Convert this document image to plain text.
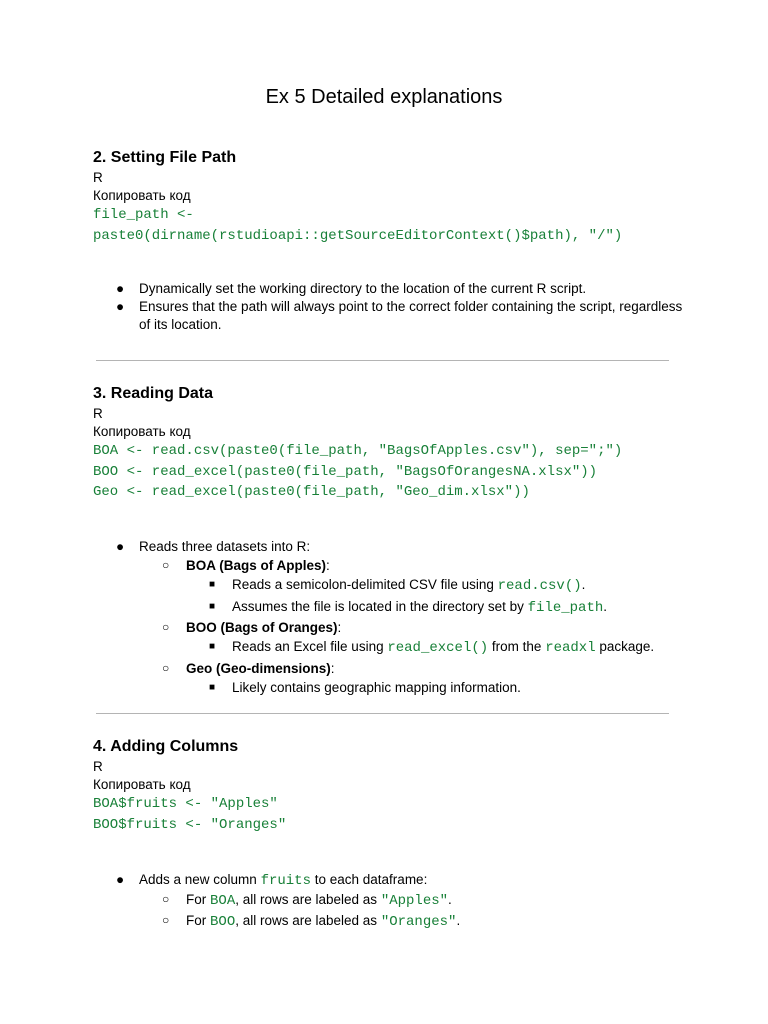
Ex 5 Detailed explanations
2. Setting File Path
R
Копировать код
file_path <-
paste0(dirname(rstudioapi::getSourceEditorContext()$path), "/")
● Dynamically set the working directory to the location of the current R script.
● Ensures that the path will always point to the correct folder containing the script, regardless of its location.
3. Reading Data
R
Копировать код
BOA <- read.csv(paste0(file_path, "BagsOfApples.csv"), sep=";")
BOO <- read_excel(paste0(file_path, "BagsOfOrangesNA.xlsx"))
Geo <- read_excel(paste0(file_path, "Geo_dim.xlsx"))
● Reads three datasets into R:
○ BOA (Bags of Apples):
■ Reads a semicolon-delimited CSV file using read.csv().
■ Assumes the file is located in the directory set by file_path.
○ BOO (Bags of Oranges):
■ Reads an Excel file using read_excel() from the readxl package.
○ Geo (Geo-dimensions):
■ Likely contains geographic mapping information.
4. Adding Columns
R
Копировать код
BOA$fruits <- "Apples"
BOO$fruits <- "Oranges"
● Adds a new column fruits to each dataframe:
○ For BOA, all rows are labeled as "Apples".
○ For BOO, all rows are labeled as "Oranges".
